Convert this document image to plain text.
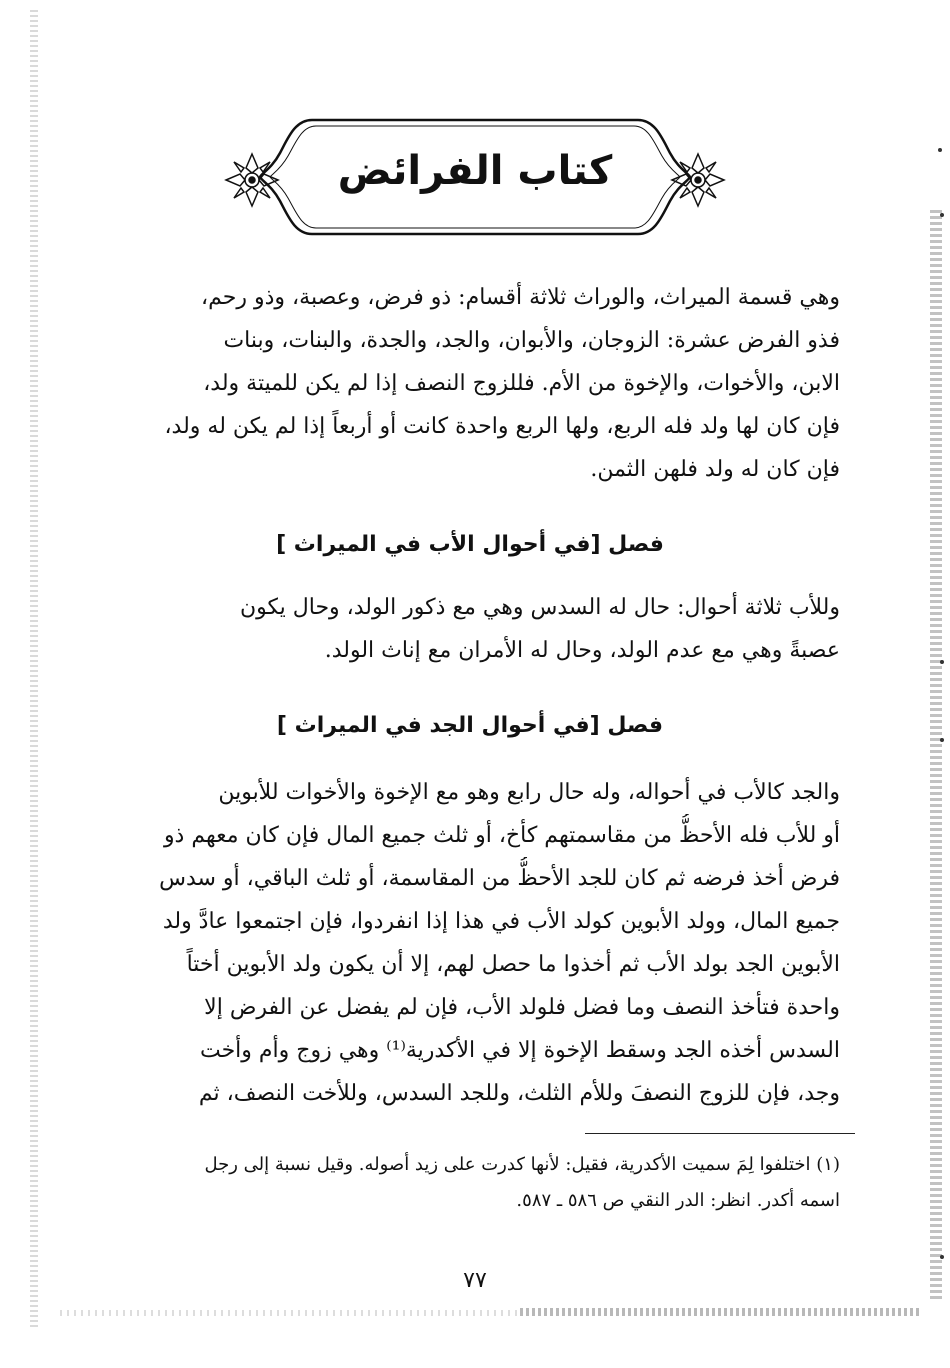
كتاب الفرائض
وهي قسمة الميراث، والوراث ثلاثة أقسام: ذو فرض، وعصبة، وذو رحم،
فذو الفرض عشرة: الزوجان، والأبوان، والجد، والجدة، والبنات، وبنات
الابن، والأخوات، والإخوة من الأم. فللزوج النصف إذا لم يكن للميتة ولد،
فإن كان لها ولد فله الربع، ولها الربع واحدة كانت أو أربعاً إذا لم يكن له ولد،
فإن كان له ولد فلهن الثمن.
فصل [في أحوال الأب في الميراث ]
وللأب ثلاثة أحوال: حال له السدس وهي مع ذكور الولد، وحال يكون
عصبةً وهي مع عدم الولد، وحال له الأمران مع إناث الولد.
فصل [في أحوال الجد في الميراث ]
والجد كالأب في أحواله، وله حال رابع وهو مع الإخوة والأخوات للأبوين
أو للأب فله الأحظُّ من مقاسمتهم كأخ، أو ثلث جميع المال فإن كان معهم ذو
فرض أخذ فرضه ثم كان للجد الأحظُّ من المقاسمة، أو ثلث الباقي، أو سدس
جميع المال، وولد الأبوين كولد الأب في هذا إذا انفردوا، فإن اجتمعوا عادَّ ولد
الأبوين الجد بولد الأب ثم أخذوا ما حصل لهم، إلا أن يكون ولد الأبوين أختاً
واحدة فتأخذ النصف وما فضل فلولد الأب، فإن لم يفضل عن الفرض إلا
السدس أخذه الجد وسقط الإخوة إلا في الأكدرية⁽¹⁾ وهي زوج وأم وأخت
وجد، فإن للزوج النصفَ وللأم الثلث، وللجد السدس، وللأخت النصف، ثم
(١) اختلفوا لِمَ سميت الأكدرية، فقيل: لأنها كدرت على زيد أصوله. وقيل نسبة إلى رجل
اسمه أكدر. انظر: الدر النقي ص ٥٨٦ ـ ٥٨٧.
٧٧
